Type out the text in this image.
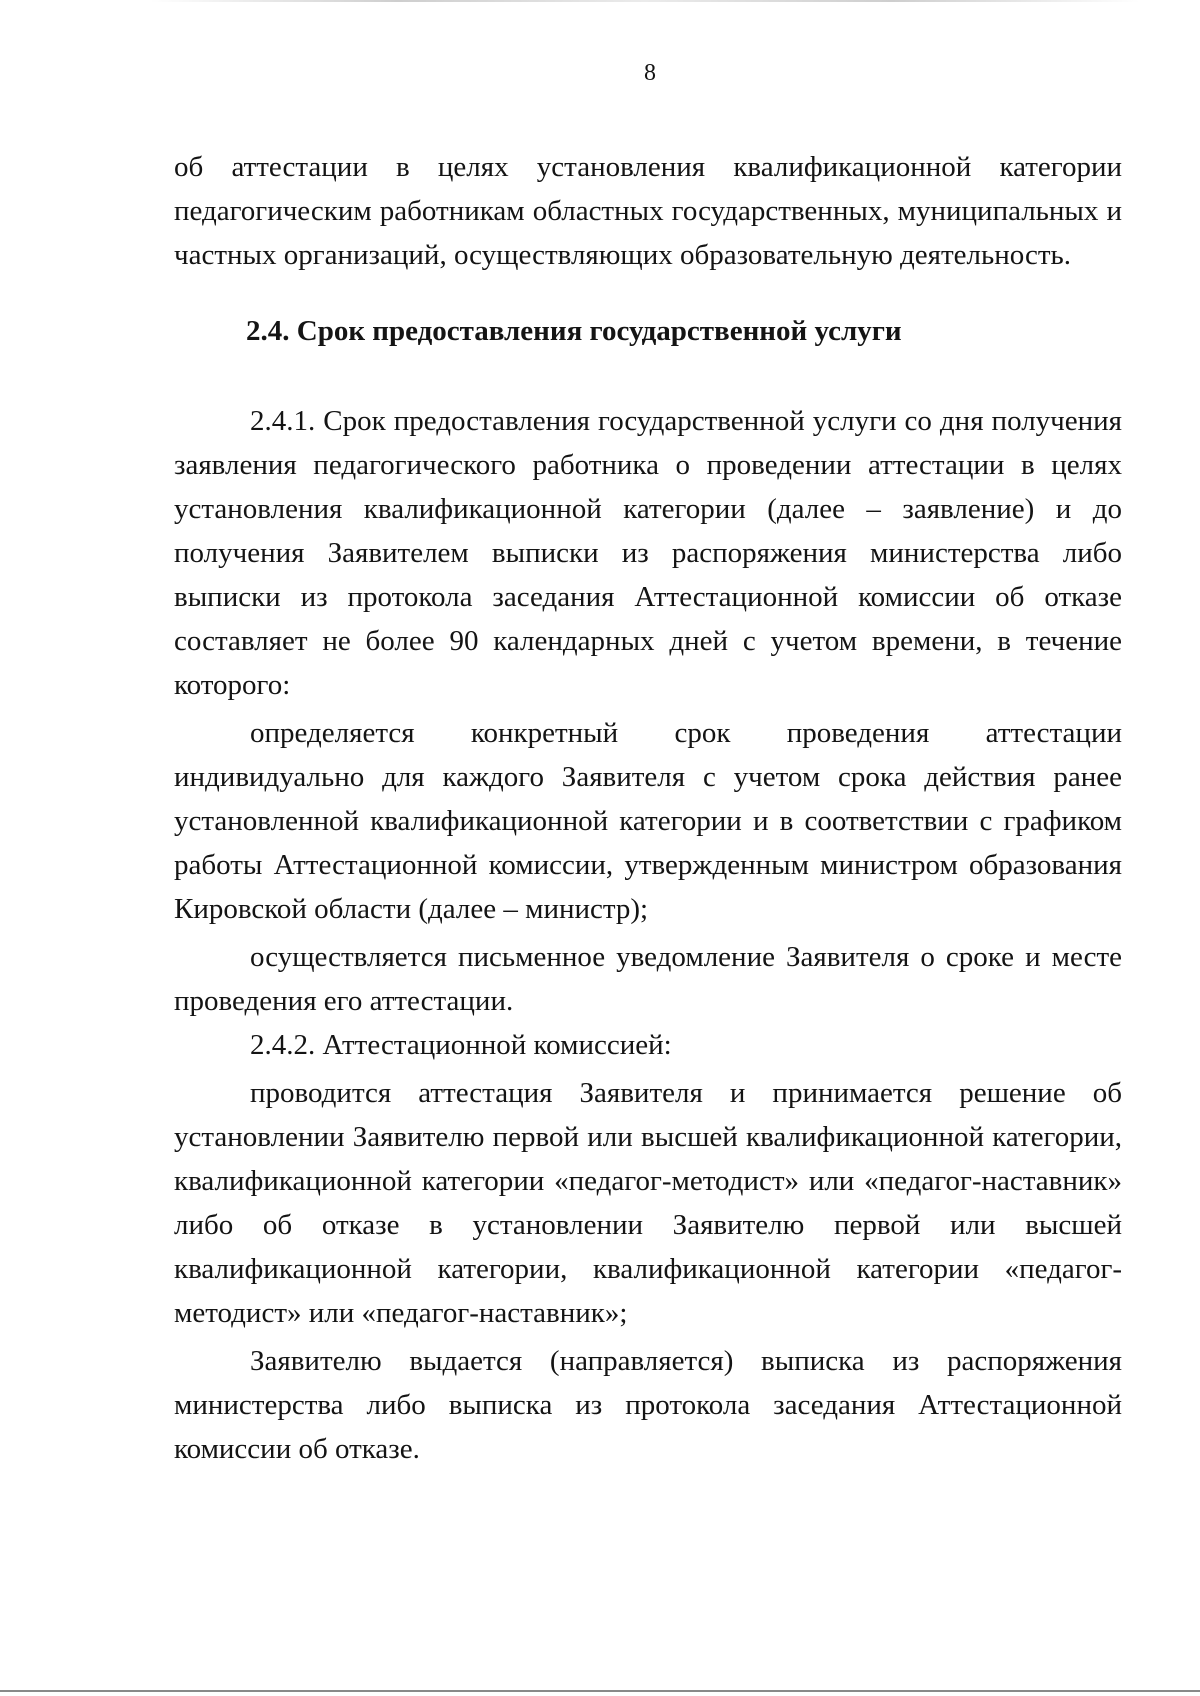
8

об аттестации в целях установления квалификационной категории педагогическим работникам областных государственных, муниципальных и частных организаций, осуществляющих образовательную деятельность.

2.4. Срок предоставления государственной услуги

2.4.1. Срок предоставления государственной услуги со дня получения заявления педагогического работника о проведении аттестации в целях установления квалификационной категории (далее – заявление) и до получения Заявителем выписки из распоряжения министерства либо выписки из протокола заседания Аттестационной комиссии об отказе составляет не более 90 календарных дней с учетом времени, в течение которого:

определяется конкретный срок проведения аттестации индивидуально для каждого Заявителя с учетом срока действия ранее установленной квалификационной категории и в соответствии с графиком работы Аттестационной комиссии, утвержденным министром образования Кировской области (далее – министр);

осуществляется письменное уведомление Заявителя о сроке и месте проведения его аттестации.

2.4.2. Аттестационной комиссией:

проводится аттестация Заявителя и принимается решение об установлении Заявителю первой или высшей квалификационной категории, квалификационной категории «педагог-методист» или «педагог-наставник» либо об отказе в установлении Заявителю первой или высшей квалификационной категории, квалификационной категории «педагог-методист» или «педагог-наставник»;

Заявителю выдается (направляется) выписка из распоряжения министерства либо выписка из протокола заседания Аттестационной комиссии об отказе.
